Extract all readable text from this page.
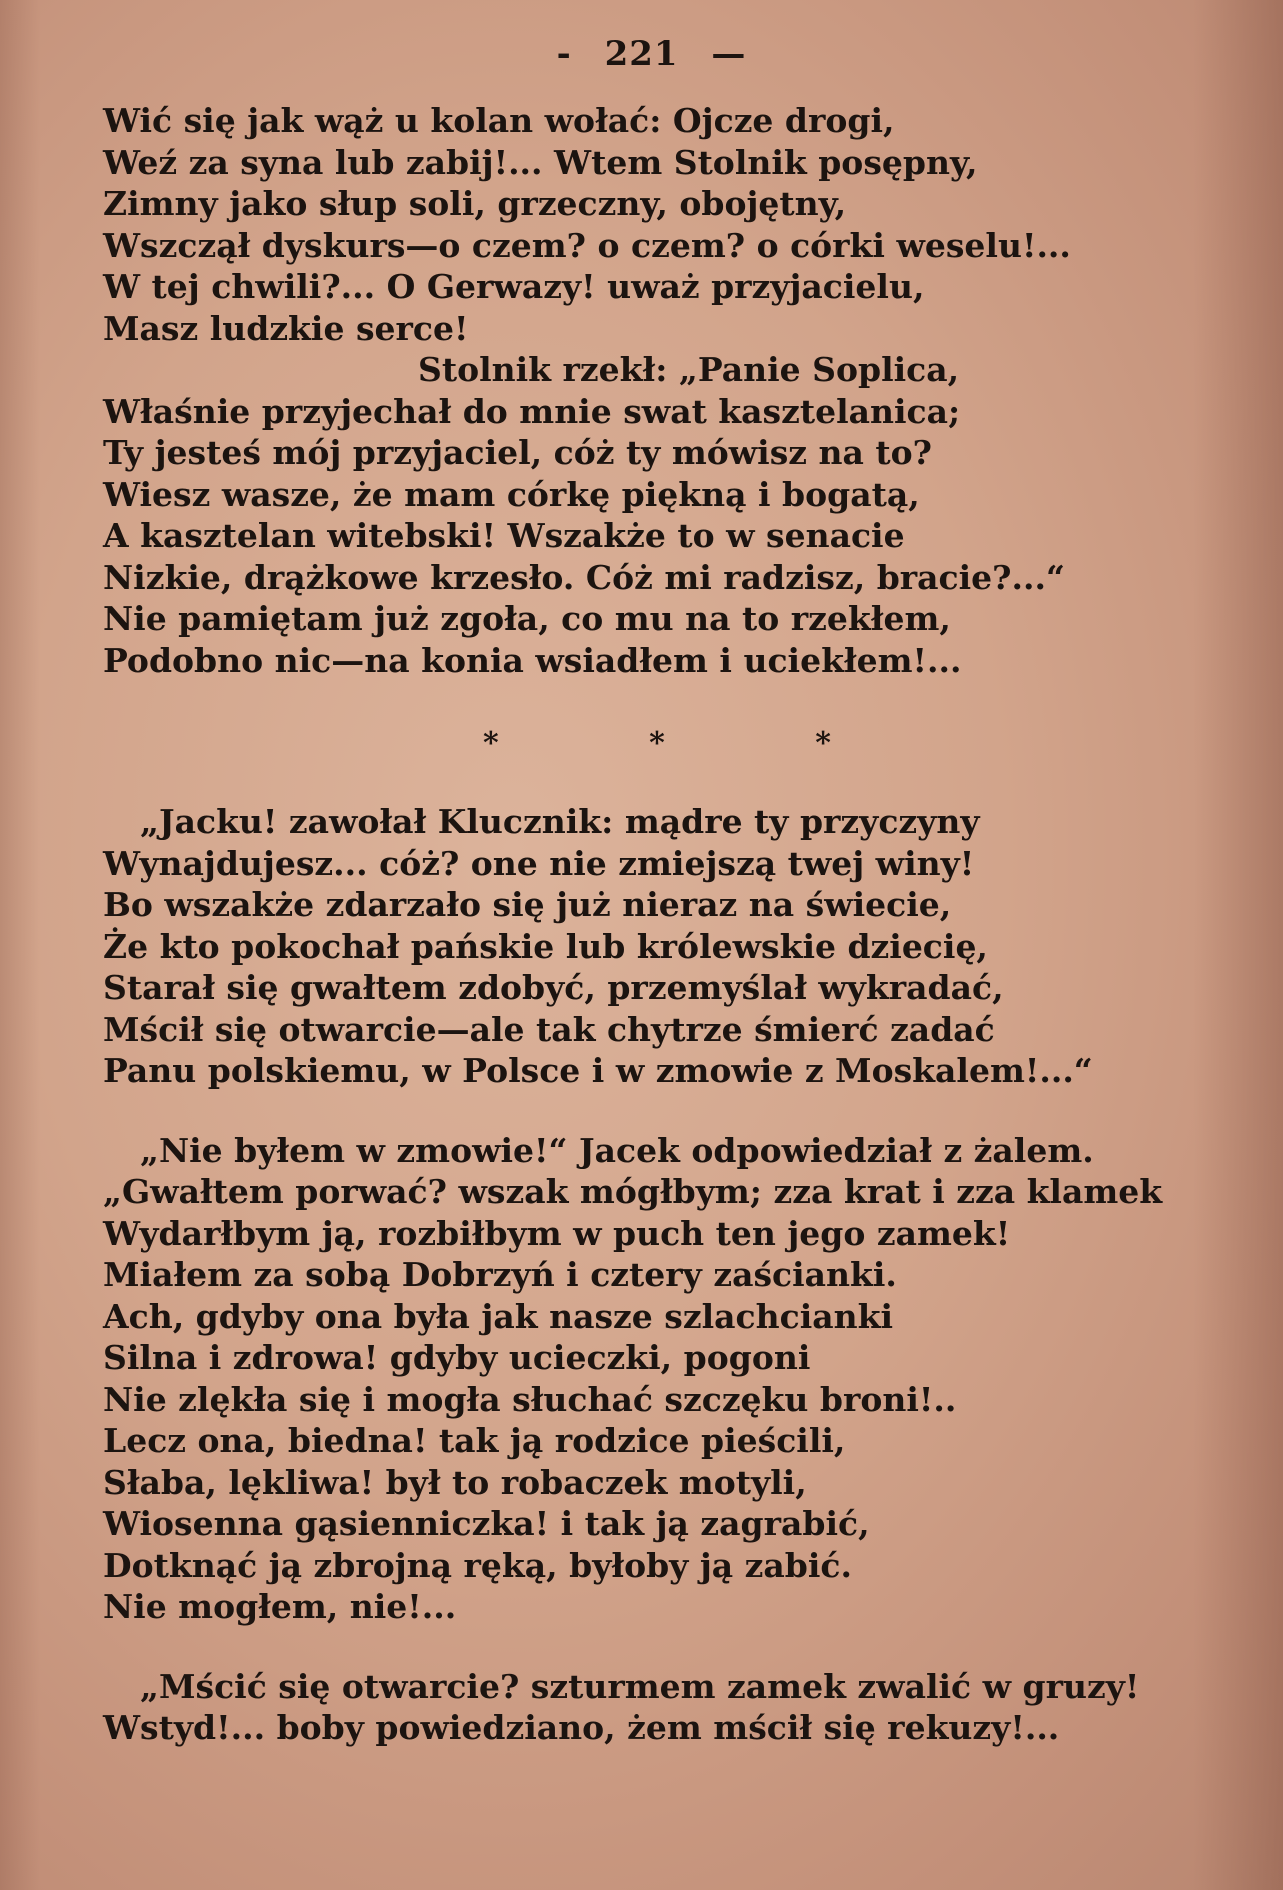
- 221 —
Wić się jak wąż u kolan wołać: Ojcze drogi,
Weź za syna lub zabij!... Wtem Stolnik posępny,
Zimny jako słup soli, grzeczny, obojętny,
Wszczął dyskurs—o czem? o czem? o córki weselu!...
W tej chwili?... O Gerwazy! uważ przyjacielu,
Masz ludzkie serce!
Stolnik rzekł: „Panie Soplica,
Właśnie przyjechał do mnie swat kasztelanica;
Ty jesteś mój przyjaciel, cóż ty mówisz na to?
Wiesz wasze, że mam córkę piękną i bogatą,
A kasztelan witebski! Wszakże to w senacie
Nizkie, drążkowe krzesło. Cóż mi radzisz, bracie?...“
Nie pamiętam już zgoła, co mu na to rzekłem,
Podobno nic—na konia wsiadłem i uciekłem!...
* * *
„Jacku! zawołał Klucznik: mądre ty przyczyny
Wynajdujesz... cóż? one nie zmiejszą twej winy!
Bo wszakże zdarzało się już nieraz na świecie,
Że kto pokochał pańskie lub królewskie dziecię,
Starał się gwałtem zdobyć, przemyślał wykradać,
Mścił się otwarcie—ale tak chytrze śmierć zadać
Panu polskiemu, w Polsce i w zmowie z Moskalem!...“
„Nie byłem w zmowie!“ Jacek odpowiedział z żalem.
„Gwałtem porwać? wszak mógłbym; zza krat i zza klamek
Wydarłbym ją, rozbiłbym w puch ten jego zamek!
Miałem za sobą Dobrzyń i cztery zaścianki.
Ach, gdyby ona była jak nasze szlachcianki
Silna i zdrowa! gdyby ucieczki, pogoni
Nie zlękła się i mogła słuchać szczęku broni!..
Lecz ona, biedna! tak ją rodzice pieścili,
Słaba, lękliwa! był to robaczek motyli,
Wiosenna gąsienniczka! i tak ją zagrabić,
Dotknąć ją zbrojną ręką, byłoby ją zabić.
Nie mogłem, nie!...
„Mścić się otwarcie? szturmem zamek zwalić w gruzy!
Wstyd!... boby powiedziano, żem mścił się rekuzy!...
